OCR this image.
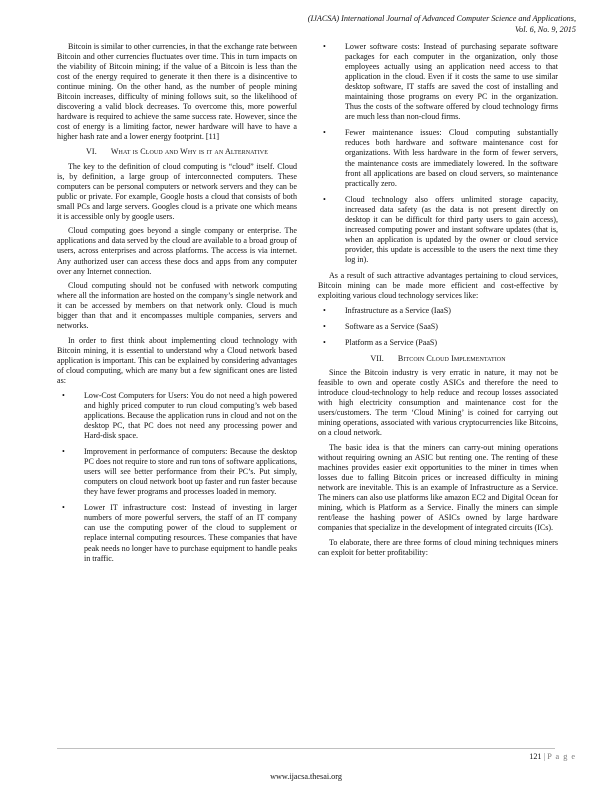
(IJACSA) International Journal of Advanced Computer Science and Applications,
Vol. 6, No. 9, 2015

Bitcoin is similar to other currencies, in that the exchange rate between Bitcoin and other currencies fluctuates over time. This in turn impacts on the viability of Bitcoin mining; if the value of a Bitcoin is less than the cost of the energy required to generate it then there is a disincentive to continue mining. On the other hand, as the number of people mining Bitcoin increases, difficulty of mining follows suit, so the likelihood of discovering a valid block decreases. To overcome this, more powerful hardware is required to achieve the same success rate. However, since the cost of energy is a limiting factor, newer hardware will have to have a higher hash rate and a lower energy footprint. [11]

VI. What is Cloud and Why is it an Alternative

The key to the definition of cloud computing is “cloud” itself. Cloud is, by definition, a large group of interconnected computers. These computers can be personal computers or network servers and they can be public or private. For example, Google hosts a cloud that consists of both small PCs and large servers. Googles cloud is a private one which means it is accessible only by google users.

Cloud computing goes beyond a single company or enterprise. The applications and data served by the cloud are available to a broad group of users, across enterprises and across platforms. The access is via internet. Any authorized user can access these docs and apps from any computer over any Internet connection.

Cloud computing should not be confused with network computing where all the information are hosted on the company’s single network and it can be accessed by members on that network only. Cloud is much bigger than that and it encompasses multiple companies, servers and networks.

In order to first think about implementing cloud technology with Bitcoin mining, it is essential to understand why a Cloud network based application is important. This can be explained by considering advantages of cloud computing, which are many but a few significant ones are listed as:

• Low-Cost Computers for Users: You do not need a high powered and highly priced computer to run cloud computing’s web based applications. Because the application runs in cloud and not on the desktop PC, that PC does not need any processing power and Hard-disk space.
• Improvement in performance of computers: Because the desktop PC does not require to store and run tons of software applications, users will see better performance from their PC’s. Put simply, computers on cloud network boot up faster and run faster because they have fewer programs and processes loaded in memory.
• Lower IT infrastructure cost: Instead of investing in larger numbers of more powerful servers, the staff of an IT company can use the computing power of the cloud to supplement or replace internal computing resources. These companies that have peak needs no longer have to purchase equipment to handle peaks in traffic.
• Lower software costs: Instead of purchasing separate software packages for each computer in the organization, only those employees actually using an application need access to that application in the cloud. Even if it costs the same to use similar desktop software, IT staffs are saved the cost of installing and maintaining those programs on every PC in the organization. Thus the costs of the software offered by cloud technology firms are much less than non-cloud firms.
• Fewer maintenance issues: Cloud computing substantially reduces both hardware and software maintenance cost for organizations. With less hardware in the form of fewer servers, the maintenance costs are immediately lowered. In the software front all applications are based on cloud servers, so maintenance practically zero.
• Cloud technology also offers unlimited storage capacity, increased data safety (as the data is not present directly on desktop it can be difficult for third party users to gain access), increased computing power and instant software updates (that is, when an application is updated by the owner or cloud service provider, this update is accessible to the users the next time they log in).

As a result of such attractive advantages pertaining to cloud services, Bitcoin mining can be made more efficient and cost-effective by exploiting various cloud technology services like:

• Infrastructure as a Service (IaaS)
• Software as a Service (SaaS)
• Platform as a Service (PaaS)
VII. Bitcoin Cloud Implementation

Since the Bitcoin industry is very erratic in nature, it may not be feasible to own and operate costly ASICs and therefore the need to introduce cloud-technology to help reduce and recoup losses associated with high electricity consumption and maintenance cost for the users/customers. The term ‘Cloud Mining’ is coined for carrying out mining operations, associated with various cryptocurrencies like Bitcoins, on a cloud network.

The basic idea is that the miners can carry-out mining operations without requiring owning an ASIC but renting one. The renting of these machines provides easier exit opportunities to the miner in times when losses due to falling Bitcoin prices or increased difficulty in mining network are inevitable. This is an example of Infrastructure as a Service. The miners can also use platforms like amazon EC2 and Digital Ocean for mining, which is Platform as a Service. Finally the miners can simple rent/lease the hashing power of ASICs owned by large hardware companies that specialize in the development of integrated circuits (ICs).

To elaborate, there are three forms of cloud mining techniques miners can exploit for better profitability:

121 | P a g e
www.ijacsa.thesai.org
